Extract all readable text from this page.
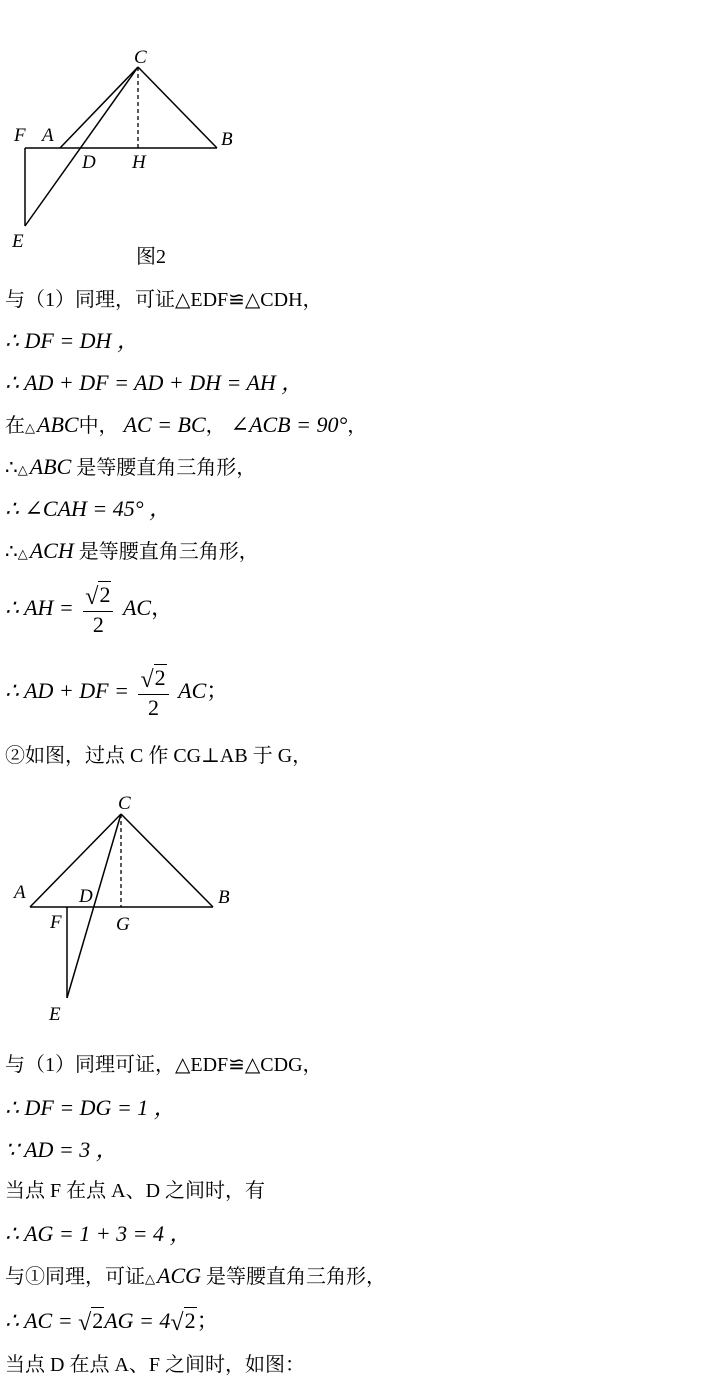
C
F A	B
D H
E
图2
与（1）同理，可证△EDF≌△CDH，
∴ DF = DH ，
∴ AD + DF = AD + DH = AH ，
在△ABC中， AC = BC， ∠ACB = 90°，
∴△ABC 是等腰直角三角形，
∴ ∠CAH = 45° ，
∴△ACH 是等腰直角三角形，
∴ AH = $\frac{√2}{2}$ AC，
∴ AD + DF = $\frac{√2}{2}$ AC；
②如图，过点 C 作 CG⊥AB 于 G，
C
A	D	B
F	G
E
与（1）同理可证，△EDF≌△CDG，
∴ DF = DG = 1 ，
∵ AD = 3 ，
当点 F 在点 A、D 之间时，有
∴ AG = 1 + 3 = 4 ，
与①同理，可证△ACG 是等腰直角三角形，
∴ AC = √2AG = 4√2；
当点 D 在点 A、F 之间时，如图：
